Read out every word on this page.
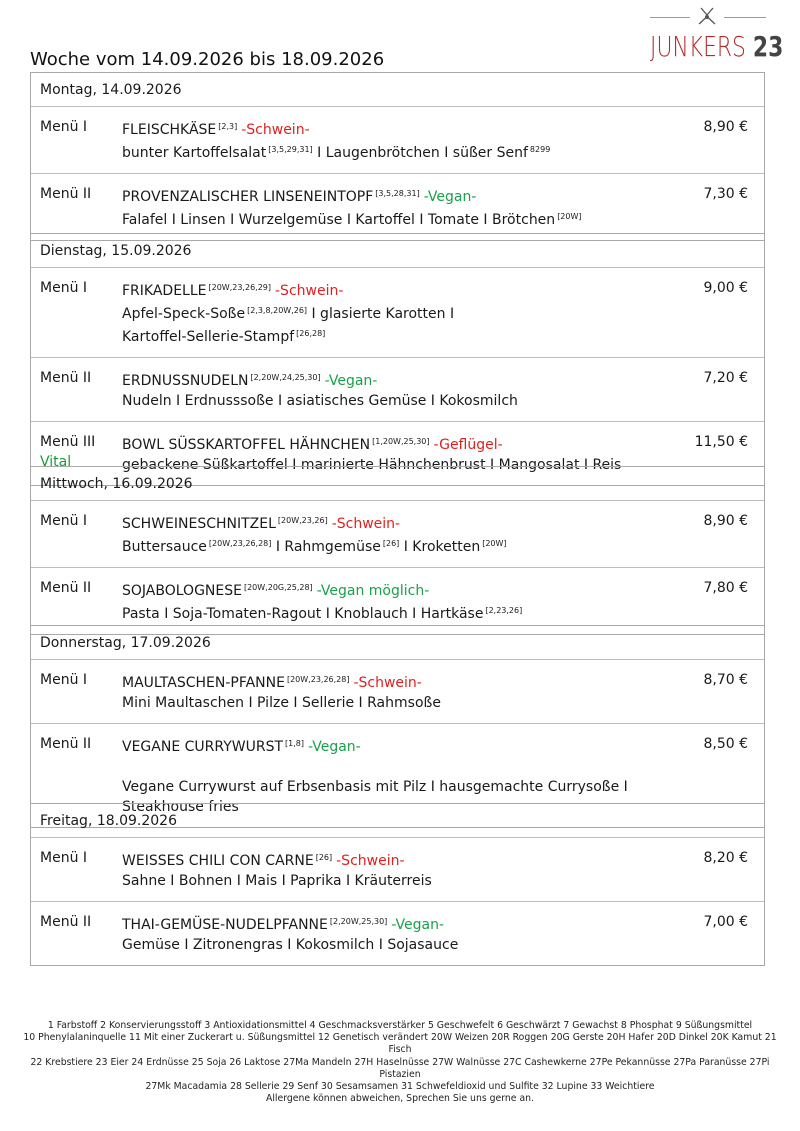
JUNKERS 23
Woche vom 14.09.2026 bis 18.09.2026
Montag, 14.09.2026
Menü I FLEISCHKÄSE [2,3] -Schwein-
bunter Kartoffelsalat [3,5,29,31] I Laugenbrötchen I süßer Senf $^{8299}$
8,90 €
Menü II PROVENZALISCHER LINSENEINTOPF [3,5,28,31] -Vegan-
Falafel I Linsen I Wurzelgemüse I Kartoffel I Tomate I Brötchen [20W]
7,30 €
Dienstag, 15.09.2026
Menü I FRIKADELLE [20W,23,26,29] -Schwein-
Apfel-Speck-Soße [2,3,8,20W,26] I glasierte Karotten I
Kartoffel-Sellerie-Stampf [26,28]
9,00 €
Menü II ERDNUSSNUDELN [2,20W,24,25,30] -Vegan-
Nudeln I Erdnusssoße I asiatisches Gemüse I Kokosmilch
7,20 €
Menü III
Vital
BOWL SÜSSKARTOFFEL HÄHNCHEN [1,20W,25,30] -Geflügel-
gebackene Süßkartoffel I marinierte Hähnchenbrust I Mangosalat I Reis
11,50 €
Mittwoch, 16.09.2026
Menü I SCHWEINESCHNITZEL [20W,23,26] -Schwein-
Buttersauce [20W,23,26,28] I Rahmgemüse [26] I Kroketten [20W]
8,90 €
Menü II SOJABOLOGNESE [20W,20G,25,28] -Vegan möglich-
Pasta I Soja-Tomaten-Ragout I Knoblauch I Hartkäse [2,23,26]
7,80 €
Donnerstag, 17.09.2026
Menü I MAULTASCHEN-PFANNE [20W,23,26,28] -Schwein-
Mini Maultaschen I Pilze I Sellerie I Rahmsoße
8,70 €
Menü II VEGANE CURRYWURST [1,8] -Vegan-

Vegane Currywurst auf Erbsenbasis mit Pilz I hausgemachte Currysoße I
Steakhouse fries
8,50 €
Freitag, 18.09.2026
Menü I WEISSES CHILI CON CARNE [26] -Schwein-
Sahne I Bohnen I Mais I Paprika I Kräuterreis
8,20 €
Menü II THAI-GEMÜSE-NUDELPFANNE [2,20W,25,30] -Vegan-
Gemüse I Zitronengras I Kokosmilch I Sojasauce
7,00 €
1 Farbstoff 2 Konservierungsstoff 3 Antioxidationsmittel 4 Geschmacksverstärker 5 Geschwefelt 6 Geschwärzt 7 Gewachst 8 Phosphat 9 Süßungsmittel
10 Phenylalaninquelle 11 Mit einer Zuckerart u. Süßungsmittel 12 Genetisch verändert 20W Weizen 20R Roggen 20G Gerste 20H Hafer 20D Dinkel 20K Kamut 21 Fisch
22 Krebstiere 23 Eier 24 Erdnüsse 25 Soja 26 Laktose 27Ma Mandeln 27H Haselnüsse 27W Walnüsse 27C Cashewkerne 27Pe Pekannüsse 27Pa Paranüsse 27Pi Pistazien
27Mk Macadamia 28 Sellerie 29 Senf 30 Sesamsamen 31 Schwefeldioxid und Sulfite 32 Lupine 33 Weichtiere
Allergene können abweichen, Sprechen Sie uns gerne an.
